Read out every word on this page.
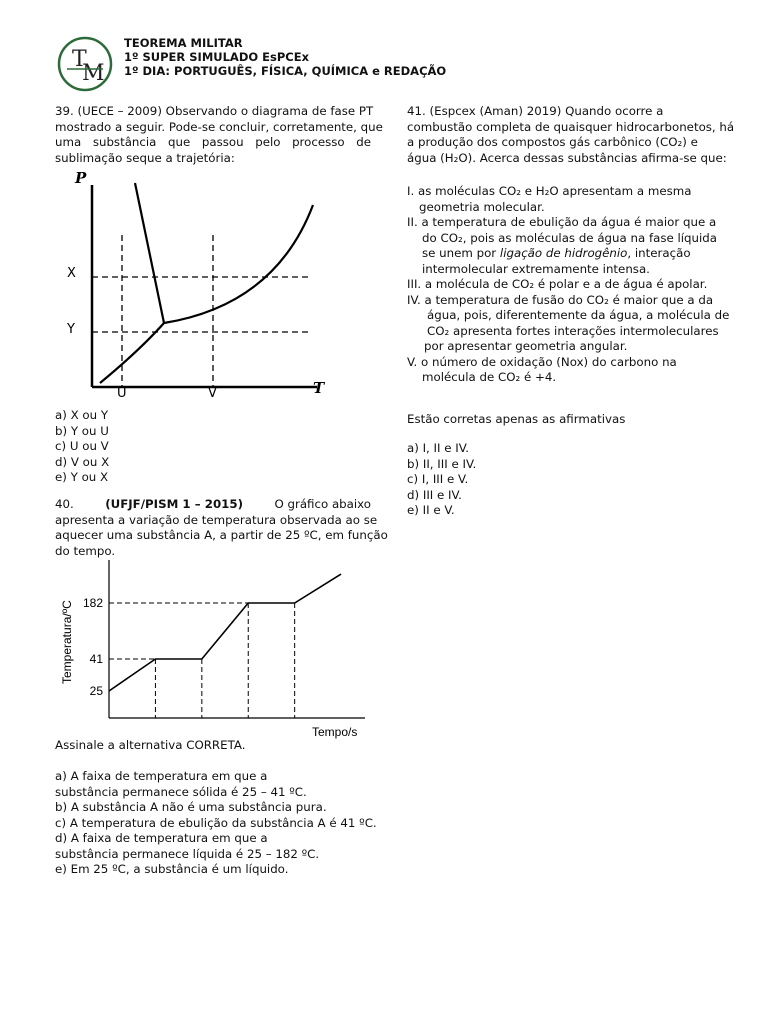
T
M
TEOREMA MILITAR
1º SUPER SIMULADO EsPCEx
1º DIA: PORTUGUÊS, FÍSICA, QUÍMICA e REDAÇÃO
39. (UECE – 2009) Observando o diagrama de fase PT
mostrado a seguir. Pode-se concluir, corretamente, que
uma substância que passou pelo processo de
sublimação seque a trajetória:
P
T
X
Y
U	V
a) X ou Y
b) Y ou U
c) U ou V
d) V ou X
e) Y ou X
40.	(UFJF/PISM 1 – 2015)	O gráfico abaixo
apresenta a variação de temperatura observada ao se
aquecer uma substância A, a partir de 25 ºC, em função
do tempo.
Temperatura/ºC
Tempo/s
25
41
182
Assinale a alternativa CORRETA.
a) A faixa de temperatura em que a
substância permanece sólida é 25 – 41 ºC.
b) A substância A não é uma substância pura.
c) A temperatura de ebulição da substância A é 41 ºC.
d) A faixa de temperatura em que a
substância permanece líquida é 25 – 182 ºC.
e) Em 25 ºC, a substância é um líquido.
41. (Espcex (Aman) 2019) Quando ocorre a
combustão completa de quaisquer hidrocarbonetos, há
a produção dos compostos gás carbônico (CO₂) e
água (H₂O). Acerca dessas substâncias afirma-se que:
I. as moléculas CO₂ e H₂O apresentam a mesma
geometria molecular.
II. a temperatura de ebulição da água é maior que a
do CO₂, pois as moléculas de água na fase líquida
se unem por ligação de hidrogênio, interação
intermolecular extremamente intensa.
III. a molécula de CO₂ é polar e a de água é apolar.
IV. a temperatura de fusão do CO₂ é maior que a da
água, pois, diferentemente da água, a molécula de
CO₂ apresenta fortes interações intermoleculares
por apresentar geometria angular.
V. o número de oxidação (Nox) do carbono na
molécula de CO₂ é +4.
Estão corretas apenas as afirmativas
a) I, II e IV.
b) II, III e IV.
c) I, III e V.
d) III e IV.
e) II e V.
